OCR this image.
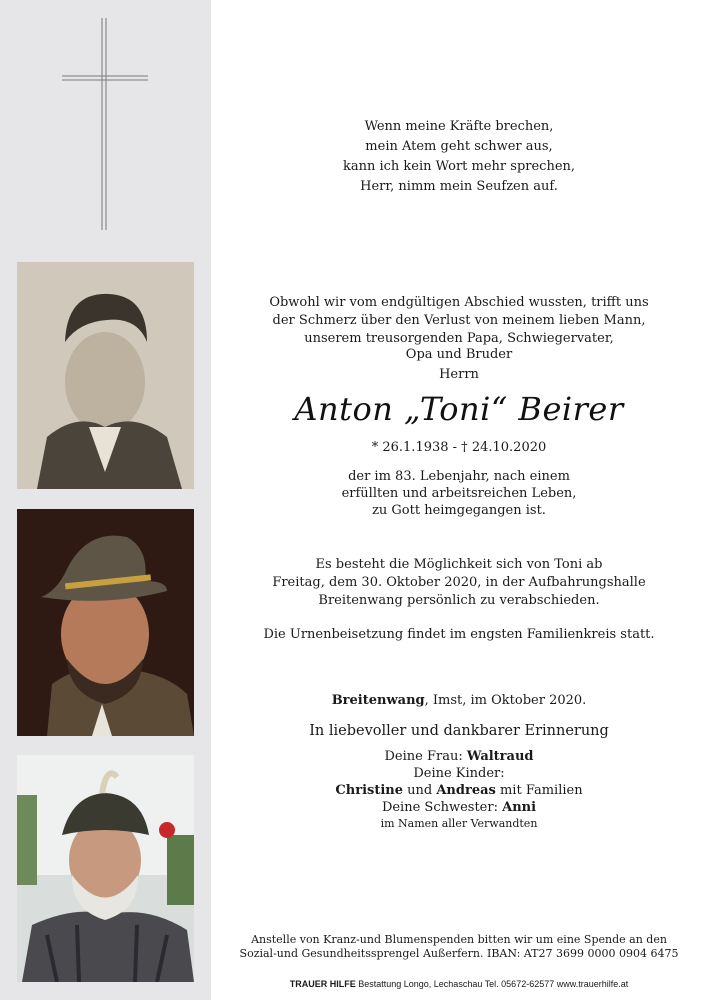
Wenn meine Kräfte brechen,
mein Atem geht schwer aus,
kann ich kein Wort mehr sprechen,
Herr, nimm mein Seufzen auf.
Obwohl wir vom endgültigen Abschied wussten, trifft uns
der Schmerz über den Verlust von meinem lieben Mann,
unserem treusorgenden Papa, Schwiegervater,
Opa und Bruder
Herrn
Anton „Toni“ Beirer
* 26.1.1938 - † 24.10.2020
der im 83. Lebenjahr, nach einem
erfüllten und arbeitsreichen Leben,
zu Gott heimgegangen ist.
Es besteht die Möglichkeit sich von Toni ab
Freitag, dem 30. Oktober 2020, in der Aufbahrungshalle
Breitenwang persönlich zu verabschieden.
Die Urnenbeisetzung findet im engsten Familienkreis statt.
Breitenwang, Imst, im Oktober 2020.
In liebevoller und dankbarer Erinnerung
Deine Frau: Waltraud
Deine Kinder:
Christine und Andreas mit Familien
Deine Schwester: Anni
im Namen aller Verwandten
Anstelle von Kranz-und Blumenspenden bitten wir um eine Spende an den
Sozial-und Gesundheitssprengel Außerfern. IBAN: AT27 3699 0000 0904 6475
TRAUER HILFE Bestattung Longo, Lechaschau Tel. 05672-62577 www.trauerhilfe.at
